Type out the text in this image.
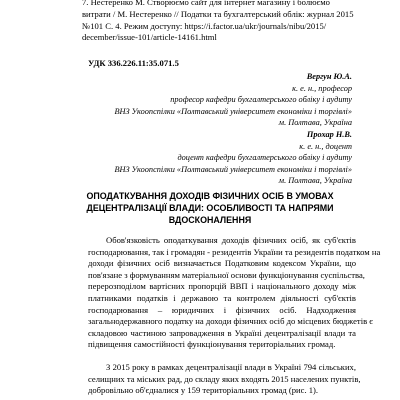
7. Нестеренко М. Створюємо сайт для інтернет магазину і болюємо
витрати / М. Нестеренко // Податки та бухгалтерський облік: журнал 2015
№101 С. 4. Режим доступу: https://i.factor.ua/ukr/journals/nibu/2015/
december/issue-101/article-14161.html
УДК 336.226.11:35.071.5
Вергун Ю.А.
к. е. н., професор
професор кафедри бухгалтерського обліку і аудиту
ВНЗ Укоопспілки «Полтавський університет економіки і торгівлі»
м. Полтава, Україна
Прохар Н.В.
к. е. н., доцент
доцент кафедри бухгалтерського обліку і аудиту
ВНЗ Укоопспілки «Полтавський університет економіки і торгівлі»
м. Полтава, Україна
ОПОДАТКУВАННЯ ДОХОДІВ ФІЗИЧНИХ ОСІБ В УМОВАХ
ДЕЦЕНТРАЛІЗАЦІЇ ВЛАДИ: ОСОБЛИВОСТІ ТА НАПРЯМИ
ВДОСКОНАЛЕННЯ
Обов'язковість оподаткування доходів фізичних осіб, як суб'єктів
господарювання, так і громадян - резидентів України та резидентів податком на
доходи фізичних осіб визначається Податковим кодексом України, що
пов'язане з формуванням матеріальної основи функціонування суспільства,
перерозподілом вартісних пропорцій ВВП і національного доходу між
платниками податків і державою та контролем діяльності суб'єктів
господарювання – юридичних і фізичних осіб. Надходження
загальнодержавного податку на доходи фізичних осіб до місцевих бюджетів є
складовою частиною запровадження в Україні децентралізації влади та
підвищення самостійності функціонування територіальних громад.
З 2015 року в рамках децентралізації влади в Україні 794 сільських,
селищних та міських рад, до складу яких входять 2015 населених пунктів,
добровільно об'єдналися у 159 територіальних громад (рис. 1).
